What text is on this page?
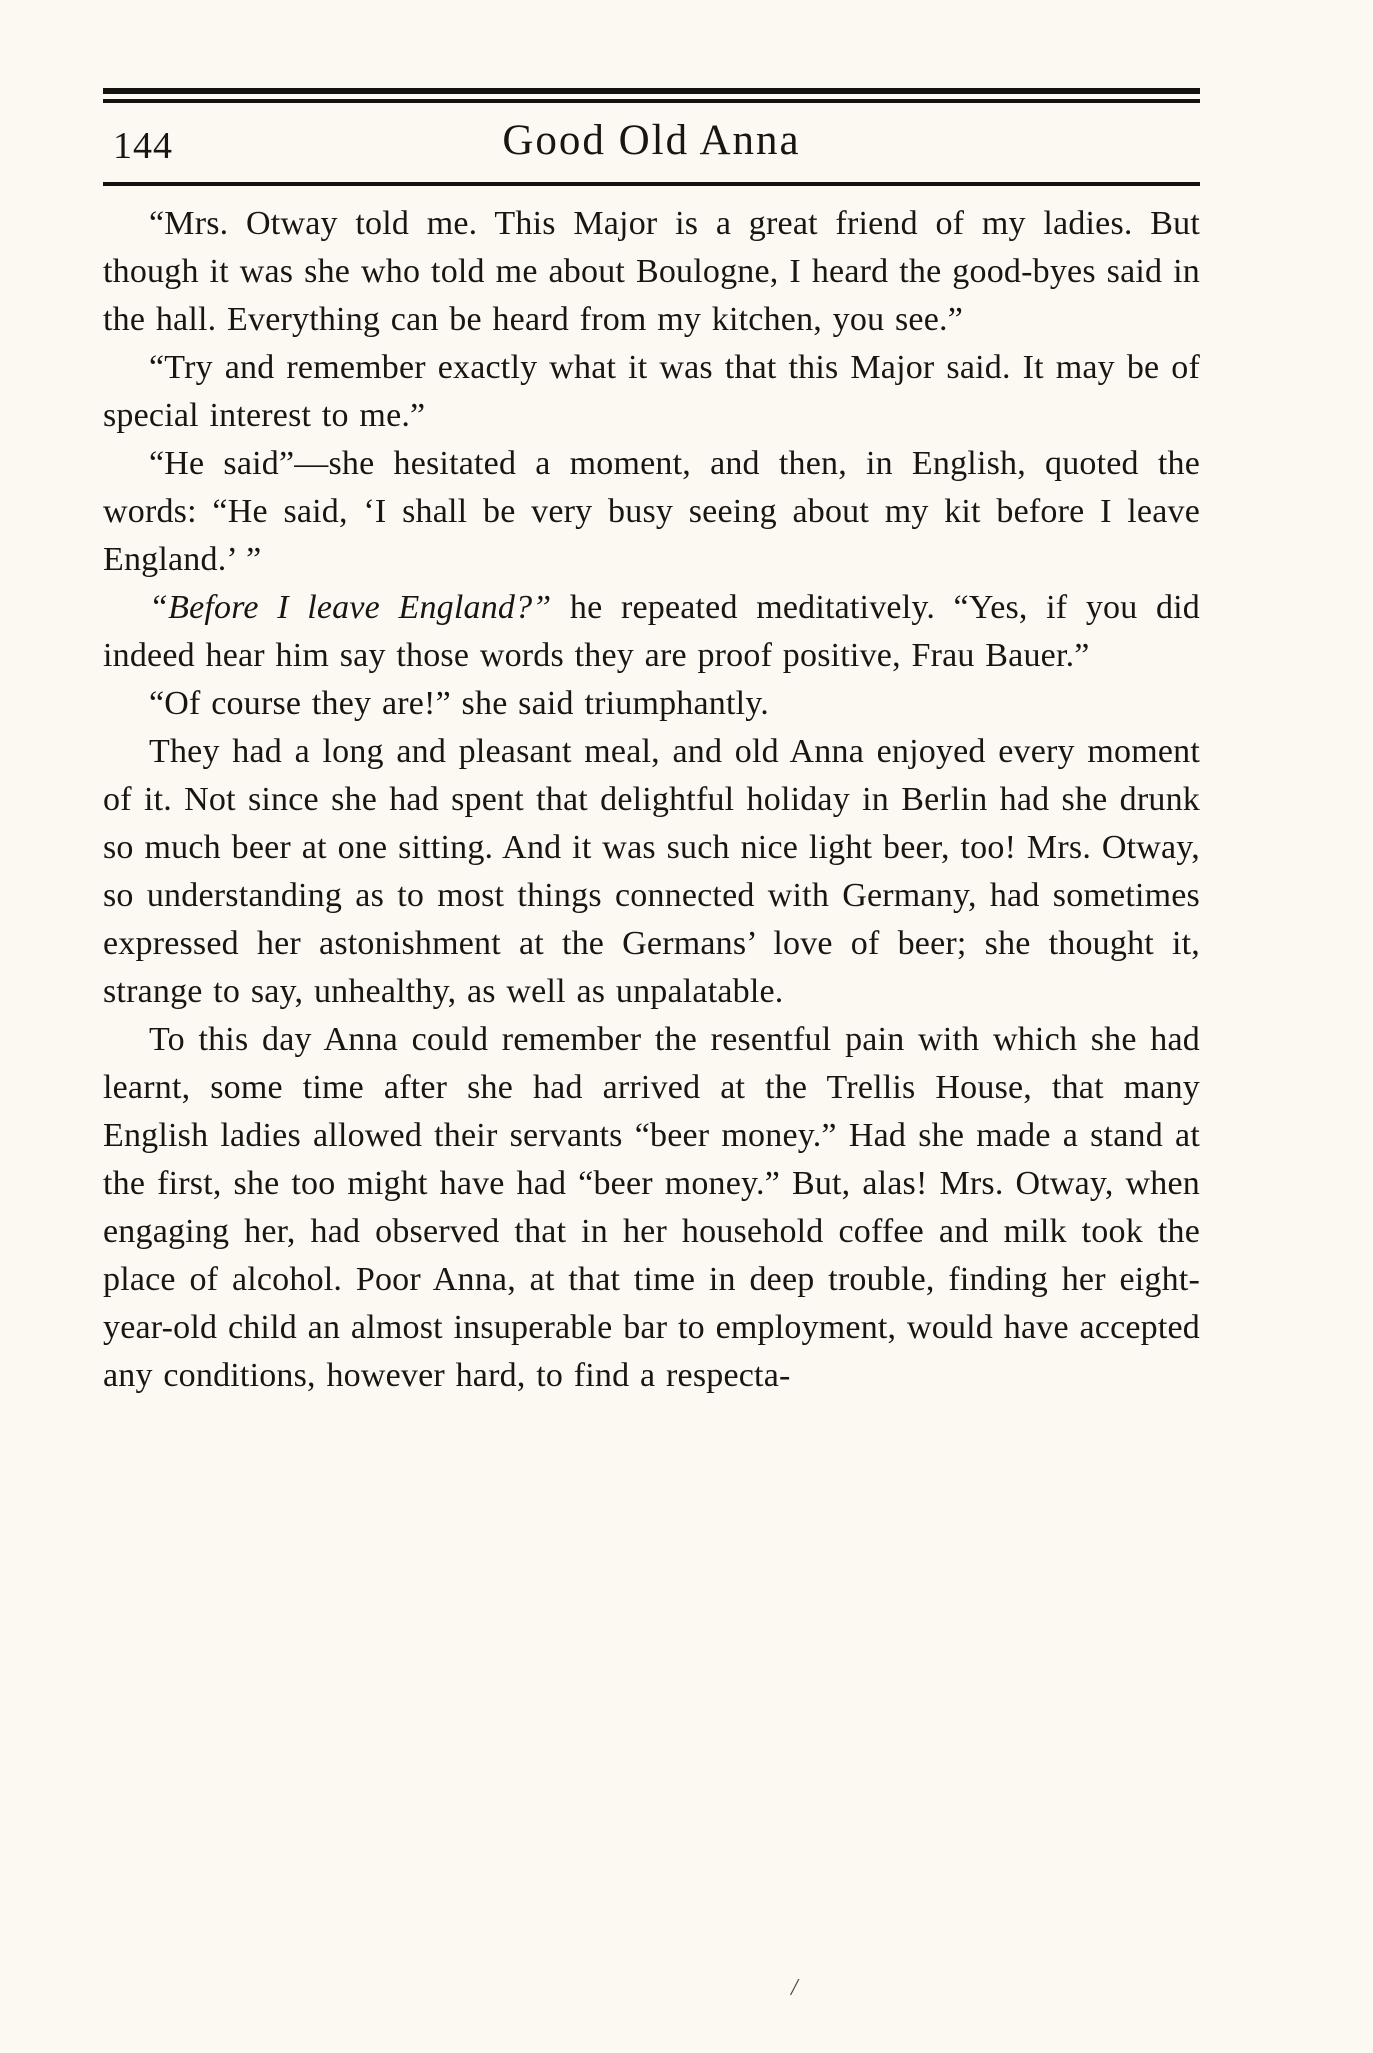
144	Good Old Anna

“Mrs. Otway told me. This Major is a great friend of my ladies. But though it was she who told me about Boulogne, I heard the good-byes said in the hall. Everything can be heard from my kitchen, you see.”

“Try and remember exactly what it was that this Major said. It may be of special interest to me.”

“He said”—she hesitated a moment, and then, in English, quoted the words: “He said, ‘I shall be very busy seeing about my kit before I leave England.’ ”

“Before I leave England?” he repeated meditatively. “Yes, if you did indeed hear him say those words they are proof positive, Frau Bauer.”

“Of course they are!” she said triumphantly.

They had a long and pleasant meal, and old Anna enjoyed every moment of it. Not since she had spent that delightful holiday in Berlin had she drunk so much beer at one sitting. And it was such nice light beer, too! Mrs. Otway, so understanding as to most things connected with Germany, had sometimes expressed her astonishment at the Germans’ love of beer; she thought it, strange to say, unhealthy, as well as unpalatable.

To this day Anna could remember the resentful pain with which she had learnt, some time after she had arrived at the Trellis House, that many English ladies allowed their servants “beer money.” Had she made a stand at the first, she too might have had “beer money.” But, alas! Mrs. Otway, when engaging her, had observed that in her household coffee and milk took the place of alcohol. Poor Anna, at that time in deep trouble, finding her eight-year-old child an almost insuperable bar to employment, would have accepted any conditions, however hard, to find a respecta-

/
